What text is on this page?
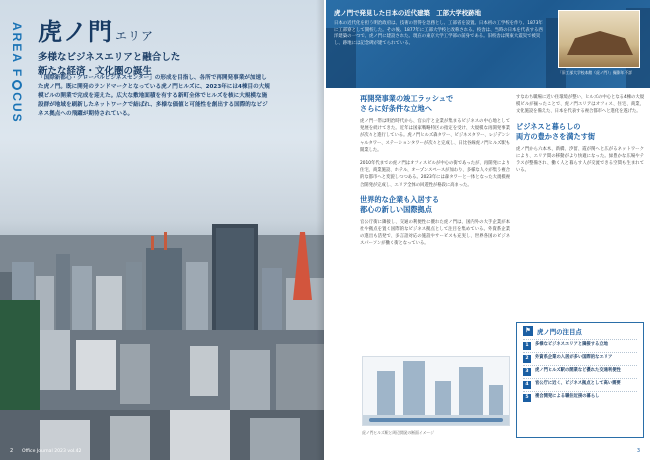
AREA FCUS
虎ノ門 エリア
多様なビジネスエリアと融合した
新たな経済・文化圏の誕生

「国際新都心・グローバルビジネスセンター」の形成を目指し、各所で再開発事業が加速した虎ノ門。既に開発のランドマークとなっている虎ノ門ヒルズに、2023年には4棟目の大規模ビルの開業で完成を迎えた。広大な敷地面積を有する新町全体でヒルズを核に大規模な施設群が地域を刷新したネットワークで結ばれ、多様な価値と可能性を創出する国際的なビジネス拠点への飛躍が期待されている。

2 Office Journal 2023 vol.42
虎ノ門で発見した日本の近代建築　工部大学校跡地

日本の近代化を担う明治政府は、技術の習得を急務とし、工部省を設置。日本初の工学校を作り、1873年に工部寮として開校した。その後、1877年に工部大学校と改称される。校舎は、当時の日本を代表する西洋建築の一つで、虎ノ門に建設された。現在の東京大学工学部の前身である。旧校舎は関東大震災で被災し、跡地には記念碑が建てられている。

「旧工部大学校本館（虎ノ門）」撮影年不詳
再開発事業の竣工ラッシュで
さらに好条件な立地へ

虎ノ門一帯は明治時代から、官公庁と企業が集まるビジネスの中心地として発展を続けてきた。近年は国家戦略特区の指定を受け、大規模な再開発事業が次々と進行している。虎ノ門ヒルズ森タワー、ビジネスタワー、レジデンシャルタワー、ステーションタワーが次々と完成し、日比谷線虎ノ門ヒルズ駅も開業した。

2010年代までの虎ノ門はオフィスビルが中心の街であったが、再開発により住宅、商業施設、ホテル、オープンスペースが加わり、多様な人々が集う複合的な都市へと変貌しつつある。2023年には森タワーと一体となった大規模複合開発が完成し、エリア全体の回遊性が格段に高まった。

世界的な企業も入居する
都心の新しい国際拠点

官公庁街に隣接し、交通の利便性に優れた虎ノ門は、国内外の大手企業が本社や拠点を置く国際的なビジネス拠点として注目を集めている。外資系企業の進出も活発で、多言語対応の施設やサービスも充実し、世界各国のビジネスパーソンが働く街となっている。

すなわち職場に近い住環境が整い、ヒルズの中心となる4棟の大規模ビルが揃ったことで、虎ノ門エリアはオフィス、住宅、商業、文化施設を備えた、日本を代表する複合都市へと進化を遂げた。

ビジネスと暮らしの
両方の豊かさを満たす街

虎ノ門から六本木、新橋、汐留、霞が関へと広がるネットワークにより、エリア間の移動がより快適になった。緑豊かな広場やテラスが整備され、働く人と暮らす人が交流できる空間も生まれている。

虎ノ門ヒルズ駅と周辺開発の断面イメージ
⚑ 虎ノ門の注目点
1	多様なビジネスエリアと隣接する立地
2	外資系企業の入居が多い国際的なエリア
3	虎ノ門ヒルズ駅の開業など優れた交通利便性
4	官公庁に近く、ビジネス拠点として高い需要
5	複合開発による職住近接の暮らし
3
